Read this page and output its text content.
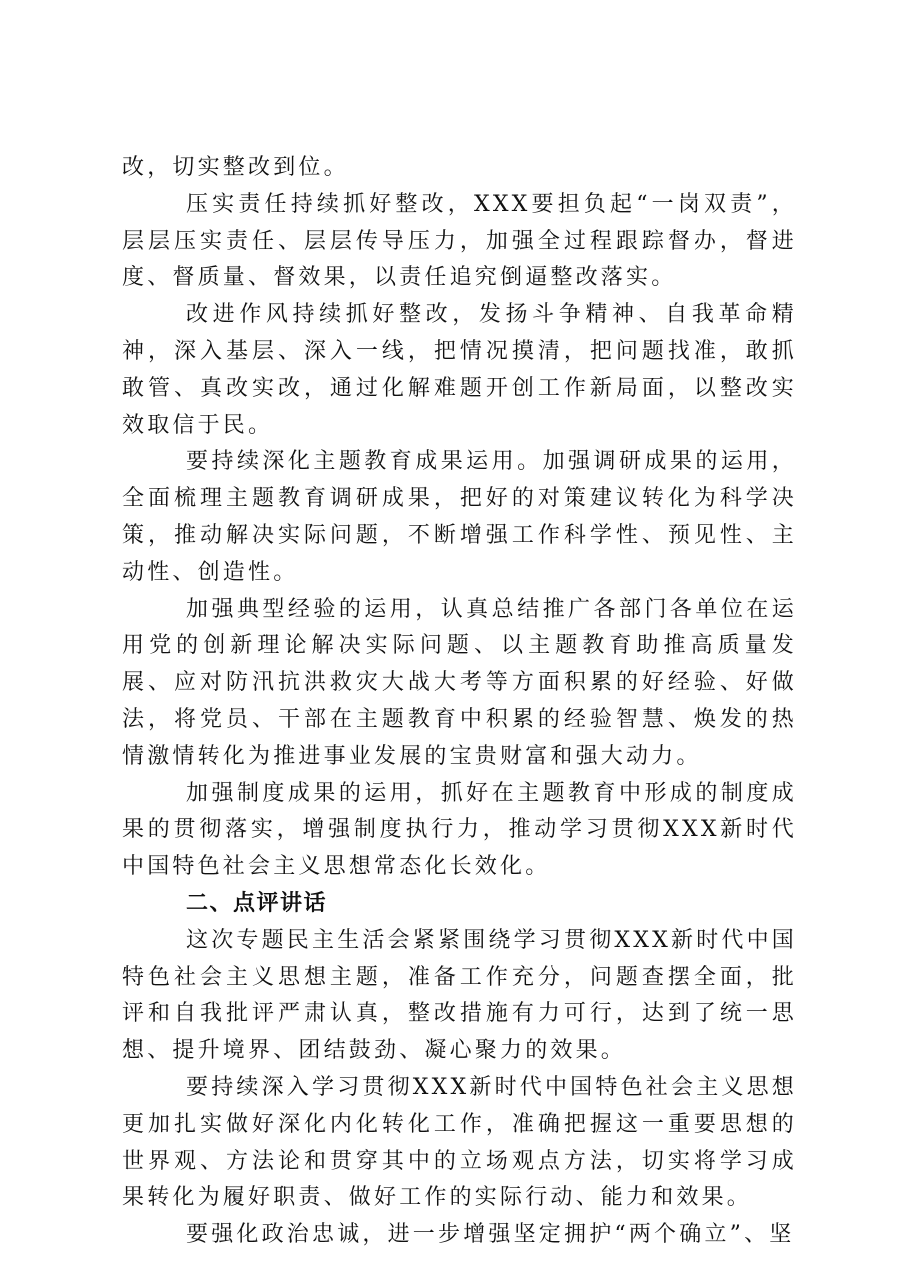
改，切实整改到位。

压实责任持续抓好整改，XXX要担负起“一岗双责”，层层压实责任、层层传导压力，加强全过程跟踪督办，督进度、督质量、督效果，以责任追究倒逼整改落实。

改进作风持续抓好整改，发扬斗争精神、自我革命精神，深入基层、深入一线，把情况摸清，把问题找准，敢抓敢管、真改实改，通过化解难题开创工作新局面，以整改实效取信于民。

要持续深化主题教育成果运用。加强调研成果的运用，全面梳理主题教育调研成果，把好的对策建议转化为科学决策，推动解决实际问题，不断增强工作科学性、预见性、主动性、创造性。

加强典型经验的运用，认真总结推广各部门各单位在运用党的创新理论解决实际问题、以主题教育助推高质量发展、应对防汛抗洪救灾大战大考等方面积累的好经验、好做法，将党员、干部在主题教育中积累的经验智慧、焕发的热情激情转化为推进事业发展的宝贵财富和强大动力。

加强制度成果的运用，抓好在主题教育中形成的制度成果的贯彻落实，增强制度执行力，推动学习贯彻XXX新时代中国特色社会主义思想常态化长效化。

二、点评讲话

这次专题民主生活会紧紧围绕学习贯彻XXX新时代中国特色社会主义思想主题，准备工作充分，问题查摆全面，批评和自我批评严肃认真，整改措施有力可行，达到了统一思想、提升境界、团结鼓劲、凝心聚力的效果。

要持续深入学习贯彻XXX新时代中国特色社会主义思想更加扎实做好深化内化转化工作，准确把握这一重要思想的世界观、方法论和贯穿其中的立场观点方法，切实将学习成果转化为履好职责、做好工作的实际行动、能力和效果。

要强化政治忠诚，进一步增强坚定拥护“两个确立”、坚
